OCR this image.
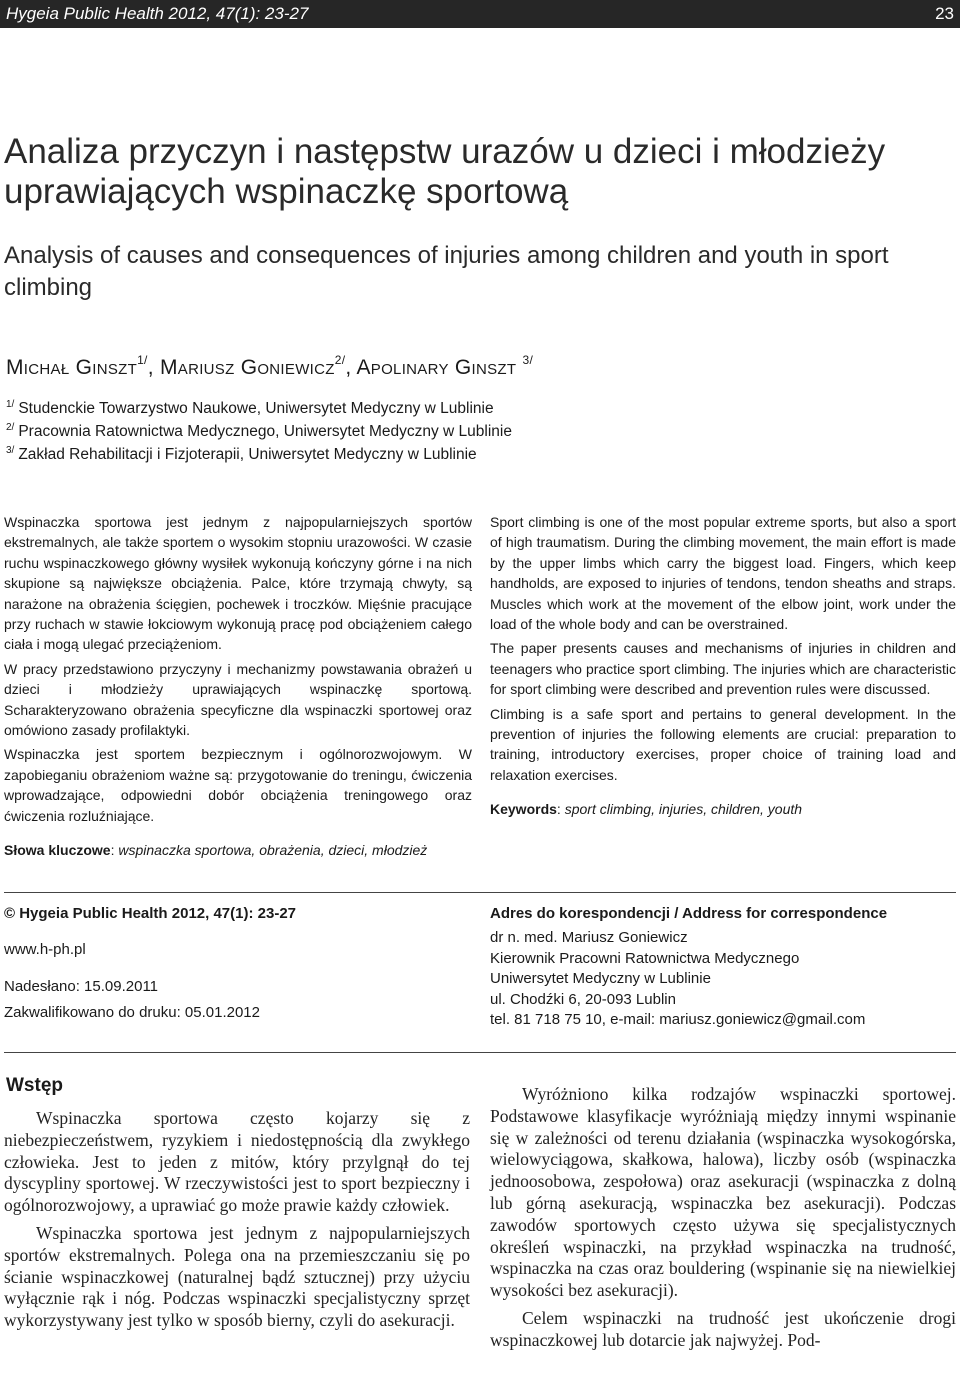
Hygeia Public Health 2012, 47(1): 23-27	23
Analiza przyczyn i następstw urazów u dzieci i młodzieży uprawiających wspinaczkę sportową
Analysis of causes and consequences of injuries among children and youth in sport climbing
Michał Ginszt$^{1/}$, Mariusz Goniewicz$^{2/}$, Apolinary Ginszt $^{3/}$
$^{1/}$ Studenckie Towarzystwo Naukowe, Uniwersytet Medyczny w Lublinie
$^{2/}$ Pracownia Ratownictwa Medycznego, Uniwersytet Medyczny w Lublinie
$^{3/}$ Zakład Rehabilitacji i Fizjoterapii, Uniwersytet Medyczny w Lublinie

Wspinaczka sportowa jest jednym z najpopularniejszych sportów ekstremalnych, ale także sportem o wysokim stopniu urazowości. W czasie ruchu wspinaczkowego główny wysiłek wykonują kończyny górne i na nich skupione są największe obciążenia. Palce, które trzymają chwyty, są narażone na obrażenia ścięgien, pochewek i troczków. Mięśnie pracujące przy ruchach w stawie łokciowym wykonują pracę pod obciążeniem całego ciała i mogą ulegać przeciążeniom.

W pracy przedstawiono przyczyny i mechanizmy powstawania obrażeń u dzieci i młodzieży uprawiających wspinaczkę sportową. Scharakteryzowano obrażenia specyficzne dla wspinaczki sportowej oraz omówiono zasady profilaktyki.

Wspinaczka jest sportem bezpiecznym i ogólnorozwojowym. W zapobieganiu obrażeniom ważne są: przygotowanie do treningu, ćwiczenia wprowadzające, odpowiedni dobór obciążenia treningowego oraz ćwiczenia rozluźniające.

Słowa kluczowe: wspinaczka sportowa, obrażenia, dzieci, młodzież

Sport climbing is one of the most popular extreme sports, but also a sport of high traumatism. During the climbing movement, the main effort is made by the upper limbs which carry the biggest load. Fingers, which keep handholds, are exposed to injuries of tendons, tendon sheaths and straps. Muscles which work at the movement of the elbow joint, work under the load of the whole body and can be overstrained.

The paper presents causes and mechanisms of injuries in children and teenagers who practice sport climbing. The injuries which are characteristic for sport climbing were described and prevention rules were discussed.

Climbing is a safe sport and pertains to general development. In the prevention of injuries the following elements are crucial: preparation to training, introductory exercises, proper choice of training load and relaxation exercises.

Keywords: sport climbing, injuries, children, youth

© Hygeia Public Health 2012, 47(1): 23-27
www.h-ph.pl
Nadesłano: 15.09.2011
Zakwalifikowano do druku: 05.01.2012
Adres do korespondencji / Address for correspondence
dr n. med. Mariusz Goniewicz
Kierownik Pracowni Ratownictwa Medycznego
Uniwersytet Medyczny w Lublinie
ul. Chodźki 6, 20-093 Lublin
tel. 81 718 75 10, e-mail: mariusz.goniewicz@gmail.com
Wstęp

Wspinaczka sportowa często kojarzy się z niebezpieczeństwem, ryzykiem i niedostępnością dla zwykłego człowieka. Jest to jeden z mitów, który przylgnął do tej dyscypliny sportowej. W rzeczywistości jest to sport bezpieczny i ogólnorozwojowy, a uprawiać go może prawie każdy człowiek.

Wspinaczka sportowa jest jednym z najpopularniejszych sportów ekstremalnych. Polega ona na przemieszczaniu się po ścianie wspinaczkowej (naturalnej bądź sztucznej) przy użyciu wyłącznie rąk i nóg. Podczas wspinaczki specjalistyczny sprzęt wykorzystywany jest tylko w sposób bierny, czyli do asekuracji.

Wyróżniono kilka rodzajów wspinaczki sportowej. Podstawowe klasyfikacje wyróżniają między innymi wspinanie się w zależności od terenu działania (wspinaczka wysokogórska, wielowyciągowa, skałkowa, halowa), liczby osób (wspinaczka jednoosobowa, zespołowa) oraz asekuracji (wspinaczka z dolną lub górną asekuracją, wspinaczka bez asekuracji). Podczas zawodów sportowych często używa się specjalistycznych określeń wspinaczki, na przykład wspinaczka na trudność, wspinaczka na czas oraz bouldering (wspinanie się na niewielkiej wysokości bez asekuracji).

Celem wspinaczki na trudność jest ukończenie drogi wspinaczkowej lub dotarcie jak najwyżej. Pod-
